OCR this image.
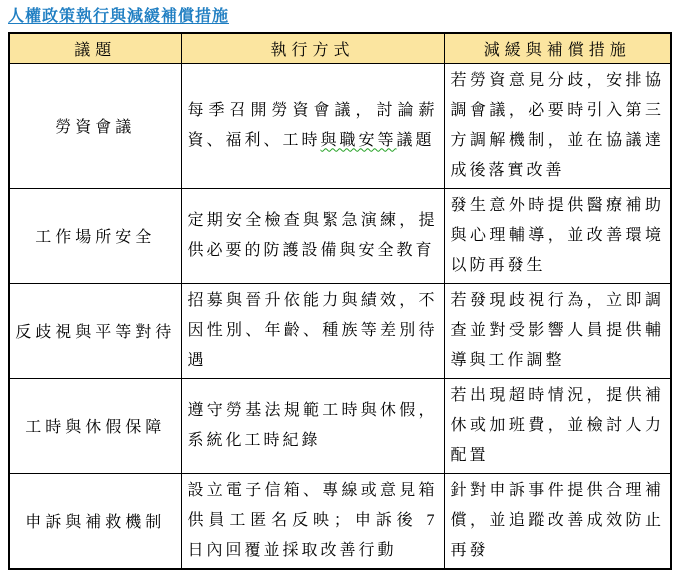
人權政策執行與減緩補償措施
議題	執行方式	減緩與補償措施
勞資會議	每季召開勞資會議，討論薪資、福利、工時與職安等議題	若勞資意見分歧，安排協調會議，必要時引入第三方調解機制，並在協議達成後落實改善
工作場所安全	定期安全檢查與緊急演練，提供必要的防護設備與安全教育	發生意外時提供醫療補助與心理輔導，並改善環境以防再發生
反歧視與平等對待	招募與晉升依能力與績效，不因性別、年齡、種族等差別待遇	若發現歧視行為，立即調查並對受影響人員提供輔導與工作調整
工時與休假保障	遵守勞基法規範工時與休假，系統化工時紀錄	若出現超時情況，提供補休或加班費，並檢討人力配置
申訴與補救機制	設立電子信箱、專線或意見箱供員工匿名反映；申訴後 7 日內回覆並採取改善行動	針對申訴事件提供合理補償，並追蹤改善成效防止再發
